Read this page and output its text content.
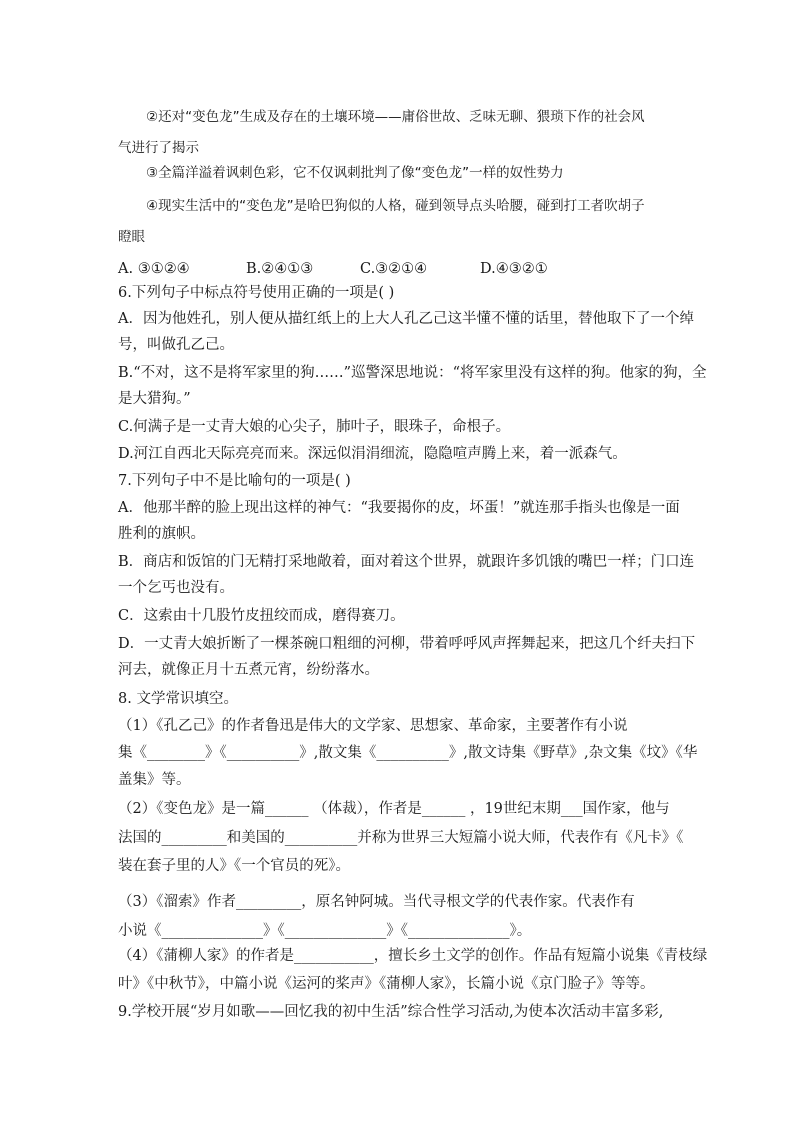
②还对“变色龙”生成及存在的土壤环境——庸俗世故、乏味无聊、猥琐下作的社会风
气进行了揭示
③全篇洋溢着讽刺色彩，它不仅讽刺批判了像“变色龙”一样的奴性势力
④现实生活中的“变色龙”是哈巴狗似的人格，碰到领导点头哈腰，碰到打工者吹胡子
瞪眼
A. ③①②④	B.②④①③	C.③②①④	D.④③②①
6.下列句子中标点符号使用正确的一项是( )
A．因为他姓孔，别人便从描红纸上的上大人孔乙己这半懂不懂的话里，替他取下了一个绰
号，叫做孔乙己。
B.“不对，这不是将军家里的狗……”巡警深思地说：“将军家里没有这样的狗。他家的狗，全
是大猎狗。”
C.何满子是一丈青大娘的心尖子，肺叶子，眼珠子，命根子。
D.河江自西北天际亮亮而来。深远似涓涓细流，隐隐喧声腾上来，着一派森气。
7.下列句子中不是比喻句的一项是( )
A．他那半醉的脸上现出这样的神气：“我要揭你的皮，坏蛋！”就连那手指头也像是一面
胜利的旗帜。
B．商店和饭馆的门无精打采地敞着，面对着这个世界，就跟许多饥饿的嘴巴一样；门口连
一个乞丐也没有。
C．这索由十几股竹皮扭绞而成，磨得赛刀。
D．一丈青大娘折断了一棵茶碗口粗细的河柳，带着呼呼风声挥舞起来，把这几个纤夫扫下
河去，就像正月十五煮元宵，纷纷落水。
8. 文学常识填空。
（1）《孔乙己》的作者鲁迅是伟大的文学家、思想家、革命家，主要著作有小说
集《________》《__________》,散文集《__________》,散文诗集《野草》,杂文集《坟》《华
盖集》等。
（2）《变色龙》是一篇______ （体裁），作者是______ ，19世纪末期___国作家，他与
法国的_________和美国的__________并称为世界三大短篇小说大师，代表作有《凡卡》《
装在套子里的人》《一个官员的死》。
（3）《溜索》作者_________，原名钟阿城。当代寻根文学的代表作家。代表作有
小说《______________》《______________》《______________》。
（4）《蒲柳人家》的作者是___________，擅长乡土文学的创作。作品有短篇小说集《青枝绿
叶》《中秋节》，中篇小说《运河的桨声》《蒲柳人家》，长篇小说《京门脸子》等等。
9.学校开展“岁月如歌——回忆我的初中生活”综合性学习活动,为使本次活动丰富多彩,
